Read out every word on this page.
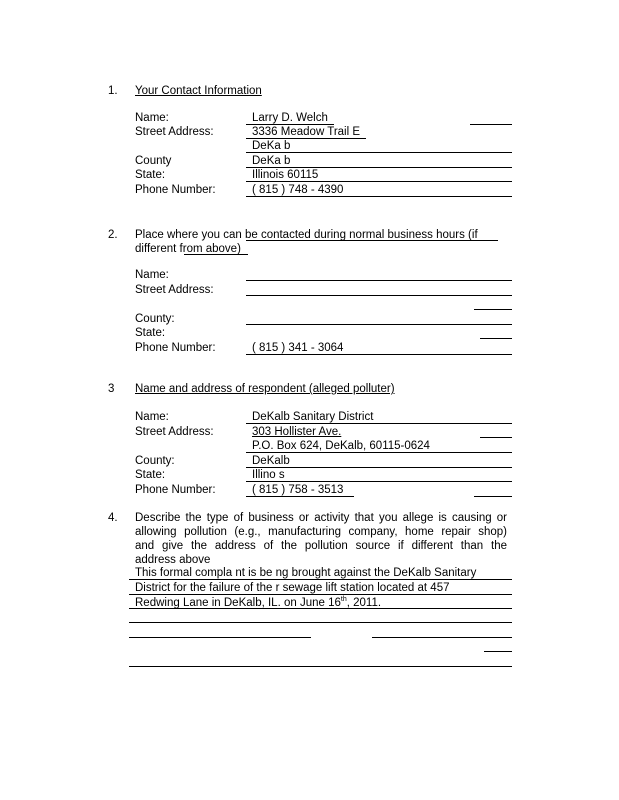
1. Your Contact Information
Name:	Larry D. Welch
Street Address:	3336 Meadow Trail E
DeKa b
County	DeKa b
State:	Illinois 60115
Phone Number:	( 815 ) 748 - 4390
2. Place where you can be contacted during normal business hours (if
different from above)
Name:
Street Address:
County:
State:
Phone Number:	( 815 ) 341 - 3064
3 Name and address of respondent (alleged polluter)
Name:	DeKalb Sanitary District
Street Address:	303 Hollister Ave.
P.O. Box 624, DeKalb, 60115-0624
County:	DeKalb
State:	Illino s
Phone Number:	( 815 ) 758 - 3513
4. Describe the type of business or activity that you allege is causing or
allowing pollution (e.g., manufacturing company, home repair shop)
and give the address of the pollution source if different than the
address above
This formal compla nt is be ng brought against the DeKalb Sanitary
District for the failure of the r sewage lift station located at 457
Redwing Lane in DeKalb, IL. on June 16th, 2011.
